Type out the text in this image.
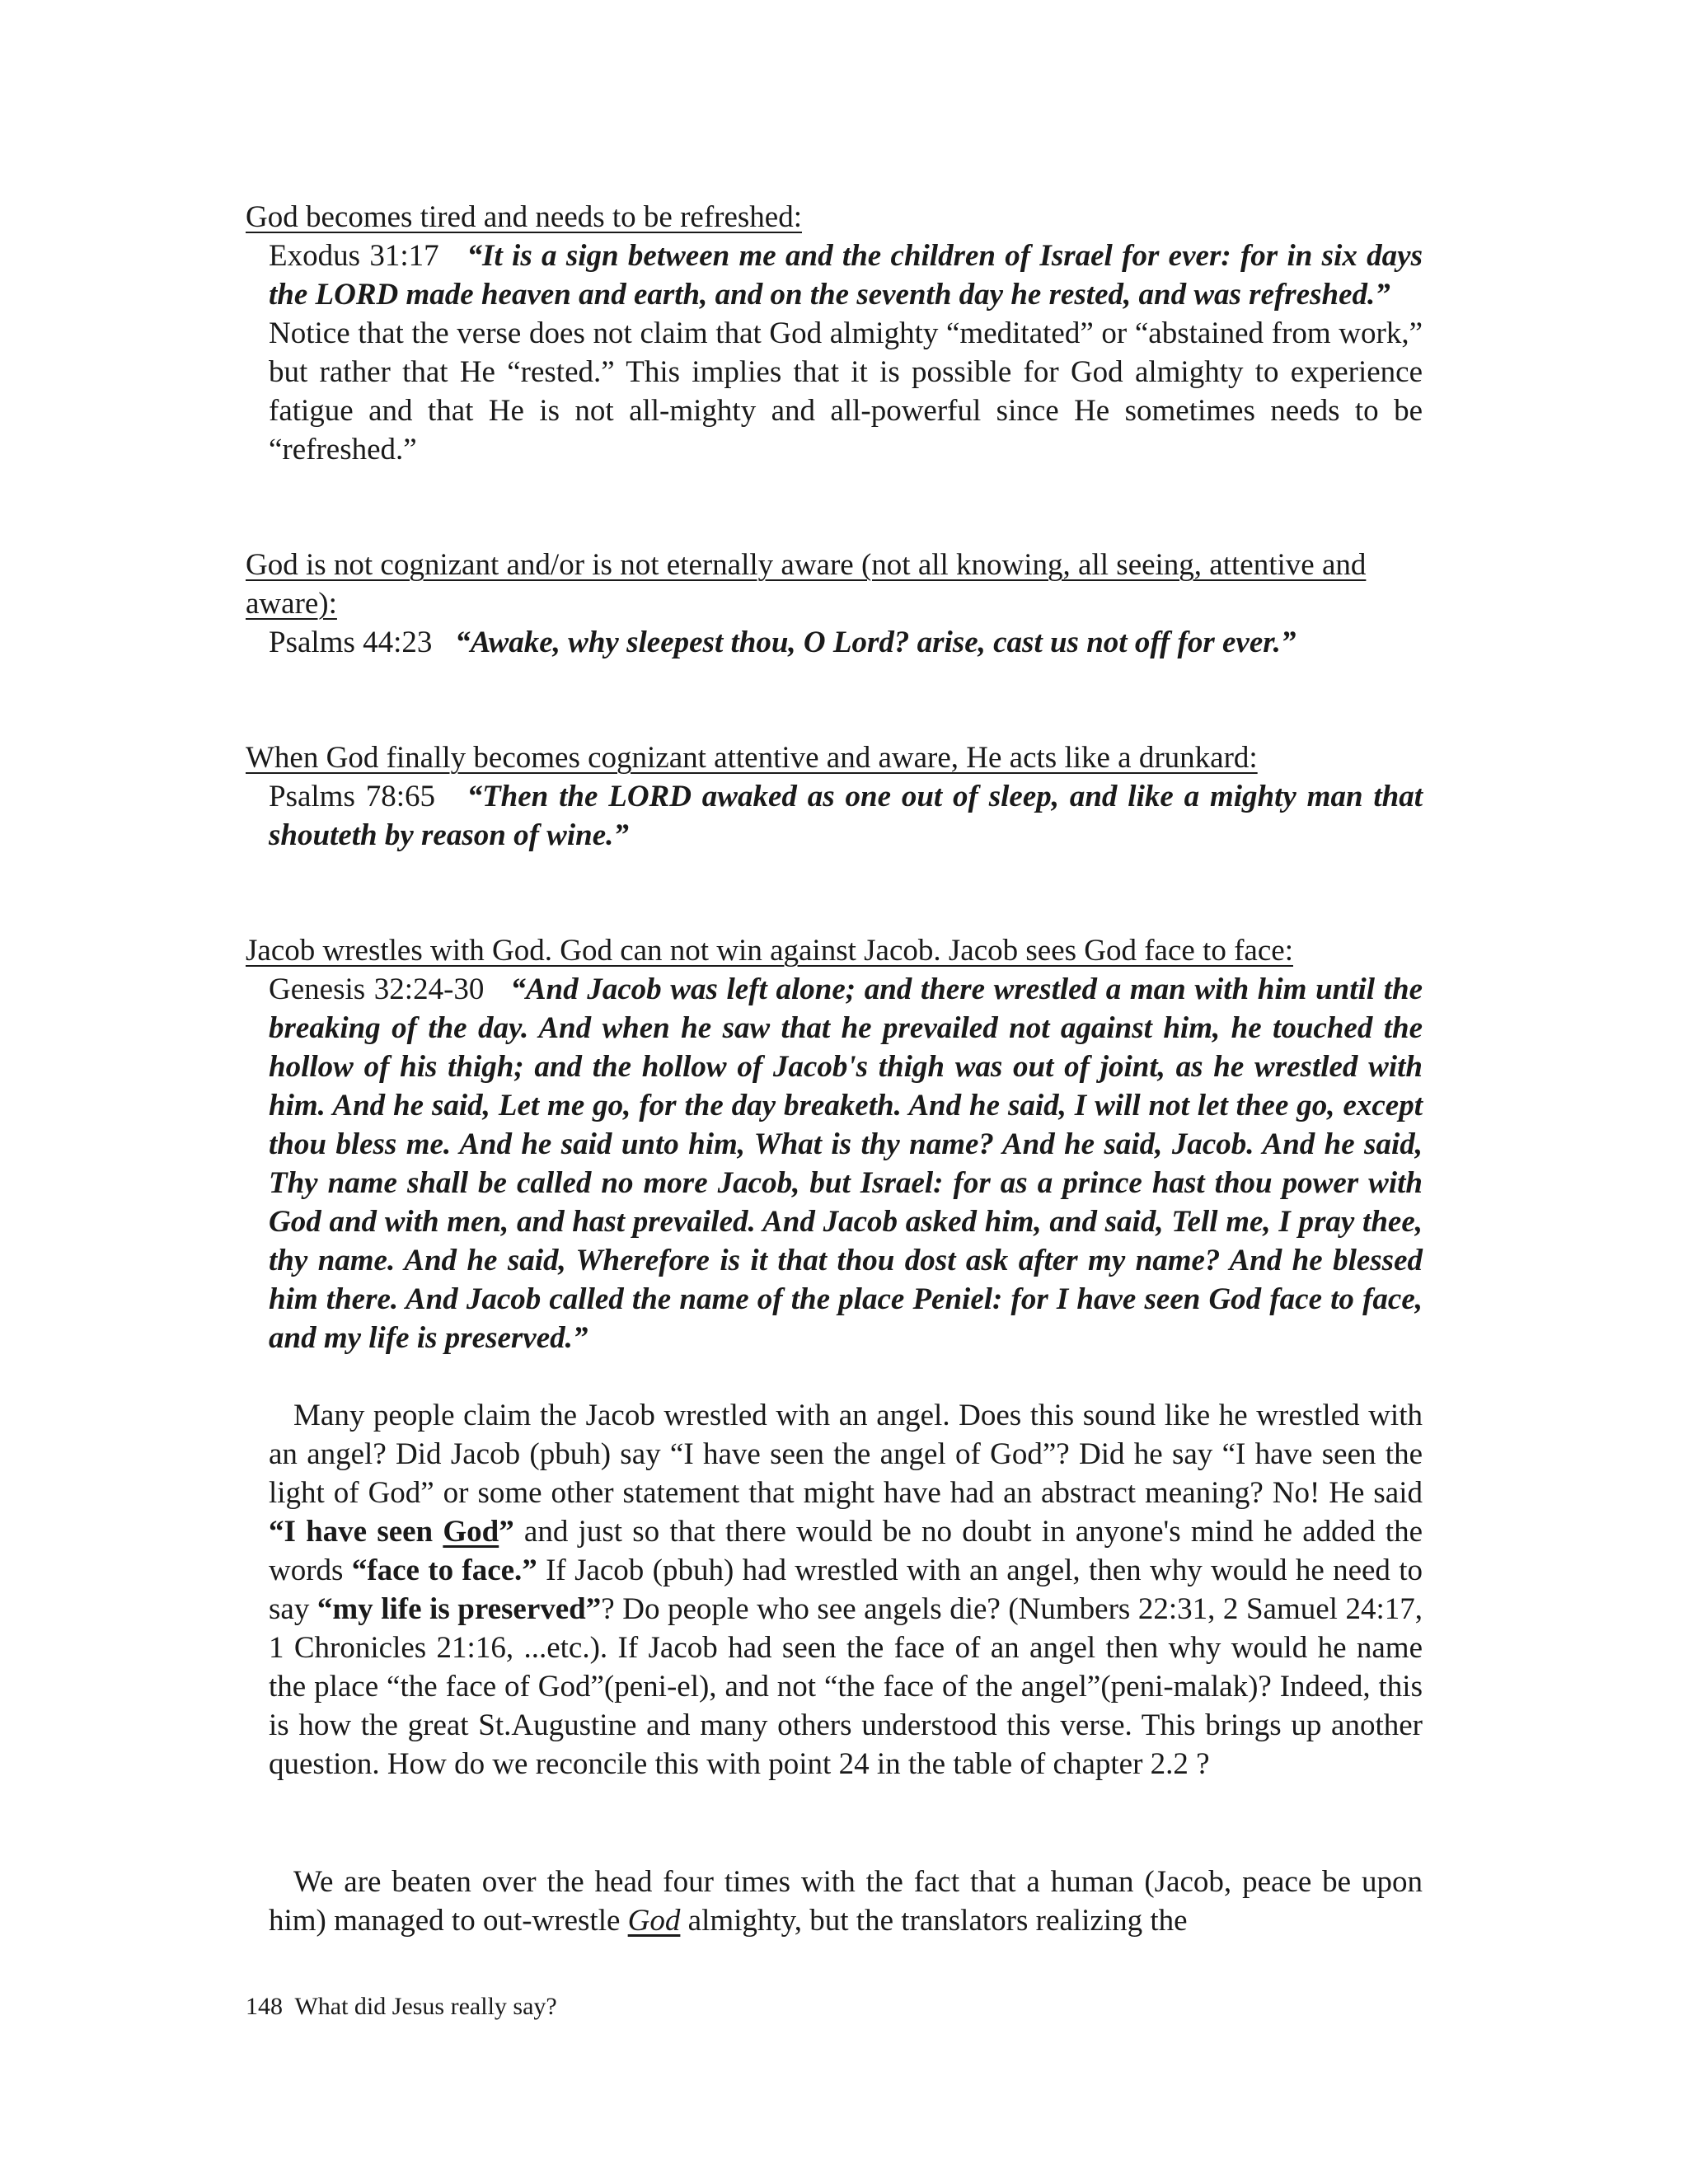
God becomes tired and needs to be refreshed:

Exodus 31:17 “It is a sign between me and the children of Israel for ever: for in six days the LORD made heaven and earth, and on the seventh day he rested, and was refreshed.”

Notice that the verse does not claim that God almighty “meditated” or “abstained from work,” but rather that He “rested.” This implies that it is possible for God almighty to experience fatigue and that He is not all-mighty and all-powerful since He sometimes needs to be “refreshed.”

God is not cognizant and/or is not eternally aware (not all knowing, all seeing, attentive and aware):

Psalms 44:23 “Awake, why sleepest thou, O Lord? arise, cast us not off for ever.”

When God finally becomes cognizant attentive and aware, He acts like a drunkard:

Psalms 78:65 “Then the LORD awaked as one out of sleep, and like a mighty man that shouteth by reason of wine.”

Jacob wrestles with God. God can not win against Jacob. Jacob sees God face to face:

Genesis 32:24-30 “And Jacob was left alone; and there wrestled a man with him until the breaking of the day. And when he saw that he prevailed not against him, he touched the hollow of his thigh; and the hollow of Jacob's thigh was out of joint, as he wrestled with him. And he said, Let me go, for the day breaketh. And he said, I will not let thee go, except thou bless me. And he said unto him, What is thy name? And he said, Jacob. And he said, Thy name shall be called no more Jacob, but Israel: for as a prince hast thou power with God and with men, and hast prevailed. And Jacob asked him, and said, Tell me, I pray thee, thy name. And he said, Wherefore is it that thou dost ask after my name? And he blessed him there. And Jacob called the name of the place Peniel: for I have seen God face to face, and my life is preserved.”

Many people claim the Jacob wrestled with an angel. Does this sound like he wrestled with an angel? Did Jacob (pbuh) say “I have seen the angel of God”? Did he say “I have seen the light of God” or some other statement that might have had an abstract meaning? No! He said “I have seen God” and just so that there would be no doubt in anyone's mind he added the words “face to face.” If Jacob (pbuh) had wrestled with an angel, then why would he need to say “my life is preserved”? Do people who see angels die? (Numbers 22:31, 2 Samuel 24:17, 1 Chronicles 21:16, ...etc.). If Jacob had seen the face of an angel then why would he name the place “the face of God”(peni-el), and not “the face of the angel”(peni-malak)? Indeed, this is how the great St.Augustine and many others understood this verse. This brings up another question. How do we reconcile this with point 24 in the table of chapter 2.2 ?

We are beaten over the head four times with the fact that a human (Jacob, peace be upon him) managed to out-wrestle God almighty, but the translators realizing the

148 What did Jesus really say?
